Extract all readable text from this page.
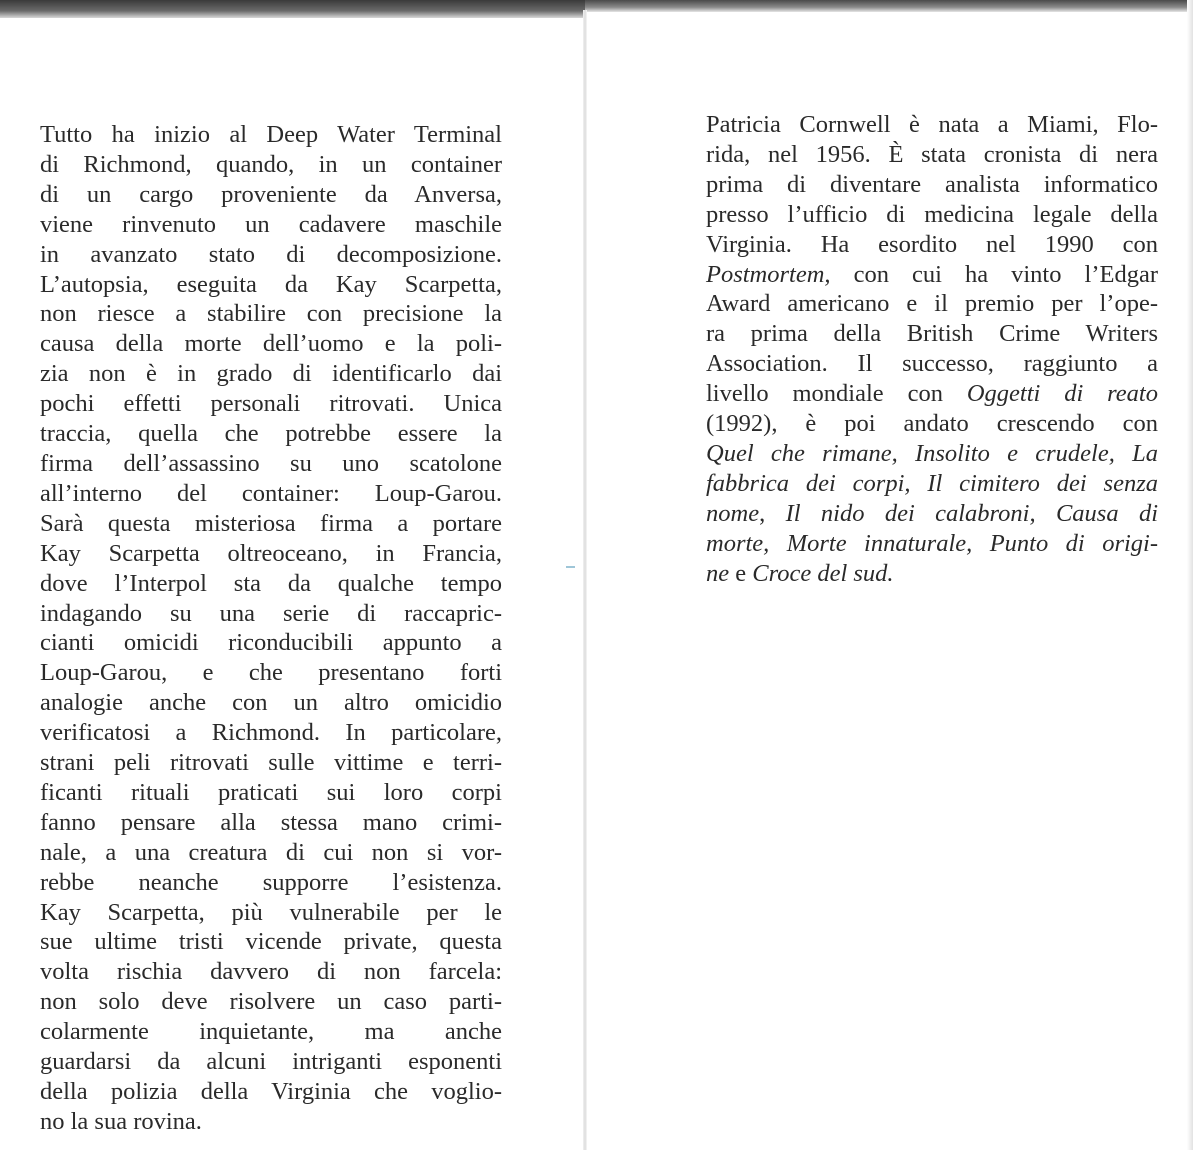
Tutto ha inizio al Deep Water Terminal
di Richmond, quando, in un container
di un cargo proveniente da Anversa,
viene rinvenuto un cadavere maschile
in avanzato stato di decomposizione.
L’autopsia, eseguita da Kay Scarpetta,
non riesce a stabilire con precisione la
causa della morte dell’uomo e la poli-
zia non è in grado di identificarlo dai
pochi effetti personali ritrovati. Unica
traccia, quella che potrebbe essere la
firma dell’assassino su uno scatolone
all’interno del container: Loup-Garou.
Sarà questa misteriosa firma a portare
Kay Scarpetta oltreoceano, in Francia,
dove l’Interpol sta da qualche tempo
indagando su una serie di raccapric-
cianti omicidi riconducibili appunto a
Loup-Garou, e che presentano forti
analogie anche con un altro omicidio
verificatosi a Richmond. In particolare,
strani peli ritrovati sulle vittime e terri-
ficanti rituali praticati sui loro corpi
fanno pensare alla stessa mano crimi-
nale, a una creatura di cui non si vor-
rebbe neanche supporre l’esistenza.
Kay Scarpetta, più vulnerabile per le
sue ultime tristi vicende private, questa
volta rischia davvero di non farcela:
non solo deve risolvere un caso parti-
colarmente inquietante, ma anche
guardarsi da alcuni intriganti esponenti
della polizia della Virginia che voglio-
no la sua rovina.
Patricia Cornwell è nata a Miami, Flo-
rida, nel 1956. È stata cronista di nera
prima di diventare analista informatico
presso l’ufficio di medicina legale della
Virginia. Ha esordito nel 1990 con
Postmortem, con cui ha vinto l’Edgar
Award americano e il premio per l’ope-
ra prima della British Crime Writers
Association. Il successo, raggiunto a
livello mondiale con Oggetti di reato
(1992), è poi andato crescendo con
Quel che rimane, Insolito e crudele, La
fabbrica dei corpi, Il cimitero dei senza
nome, Il nido dei calabroni, Causa di
morte, Morte innaturale, Punto di origi-
ne e Croce del sud.
